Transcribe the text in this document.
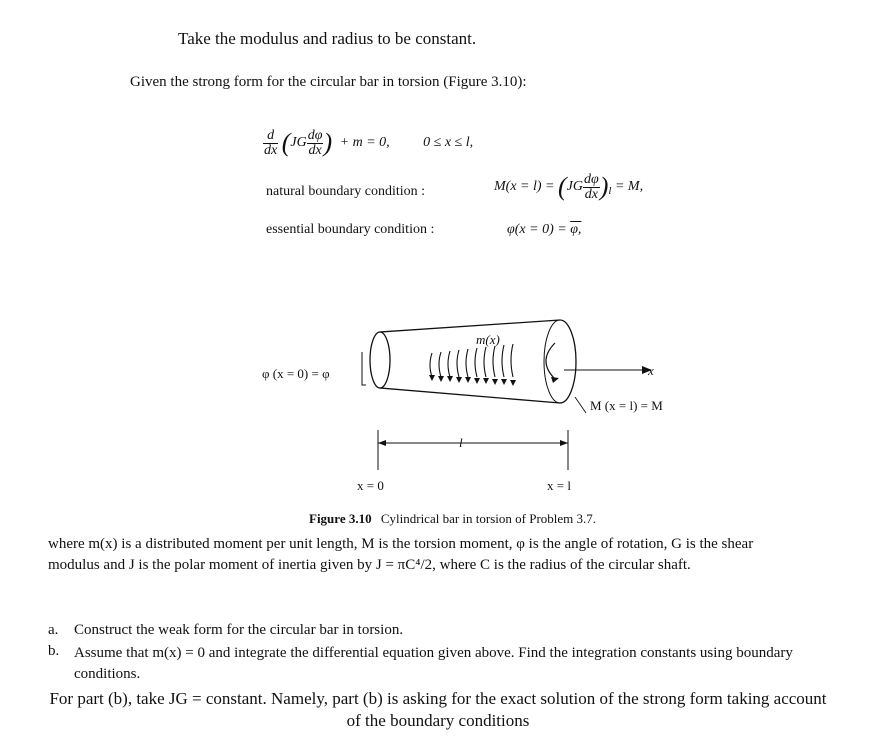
Take the modulus and radius to be constant.
Given the strong form for the circular bar in torsion (Figure 3.10):
$\frac{d}{dx} (JG \frac{d\varphi}{dx}$ ) + m = 0, 0 ≤ x ≤ l,
natural boundary condition :	$M(x = l) = (JG \frac{d\varphi}{dx} )_l = M$,
essential boundary condition :	φ(x = 0) = φ,
m(x)
φ (x = 0) = φ	x
M (x = l) = M
l
x = 0	x = l
Figure 3.10 Cylindrical bar in torsion of Problem 3.7.
where m(x) is a distributed moment per unit length, M is the torsion moment, φ is the angle of rotation, G is the shear modulus and J is the polar moment of inertia given by J = πC⁴/2, where C is the radius of the circular shaft.
a. Construct the weak form for the circular bar in torsion.
b. Assume that m(x) = 0 and integrate the differential equation given above. Find the integration constants using boundary conditions.
For part (b), take JG = constant. Namely, part (b) is asking for the exact solution of the strong form taking account of the boundary conditions
